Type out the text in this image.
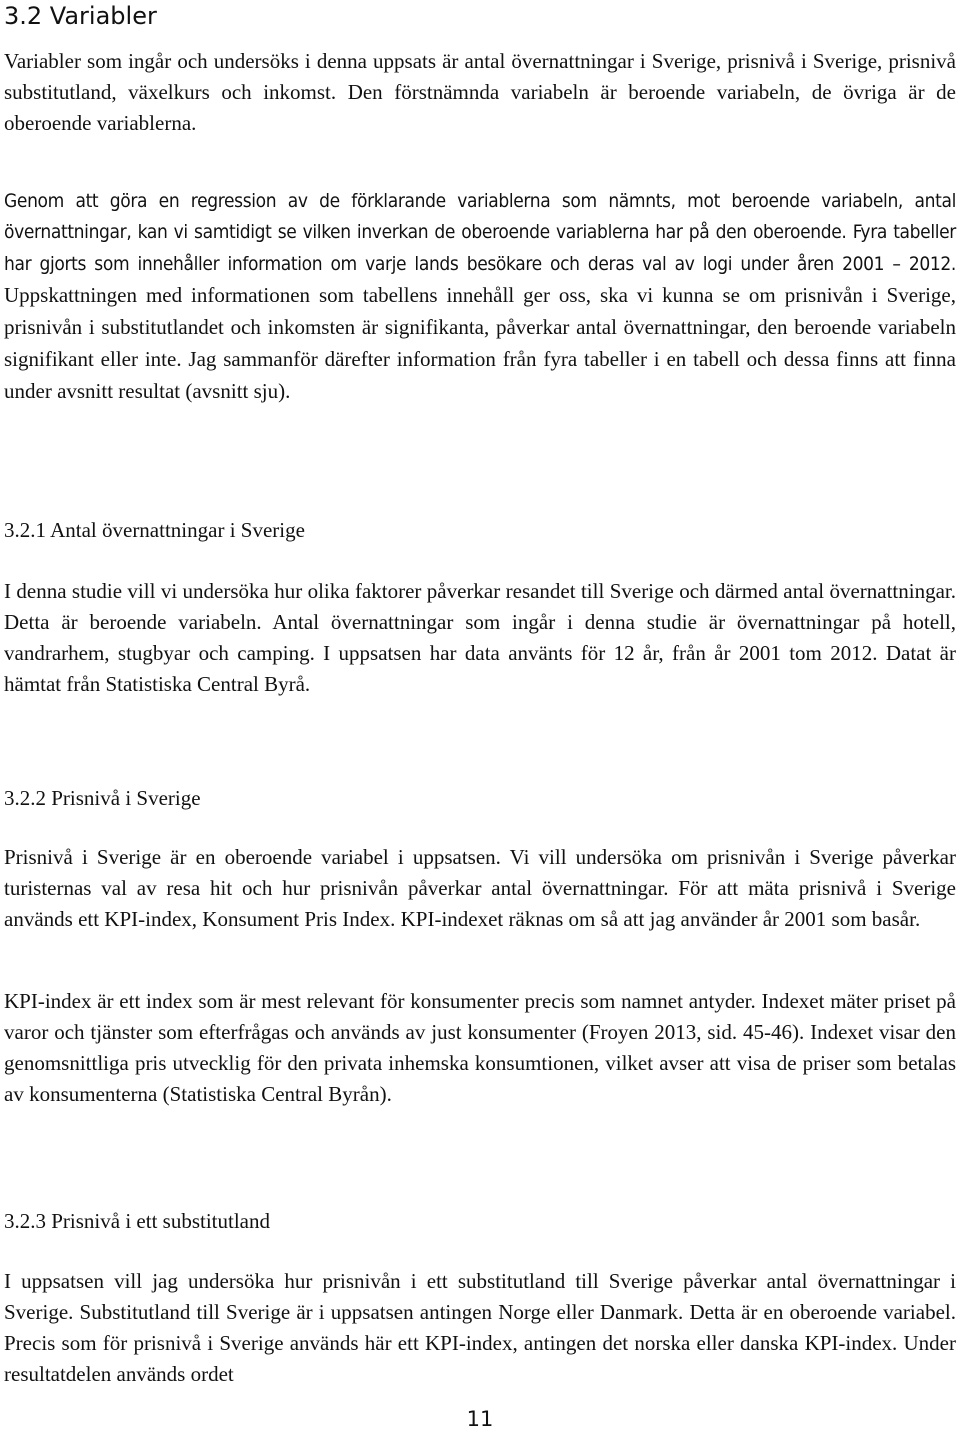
3.2 Variabler

Variabler som ingår och undersöks i denna uppsats är antal övernattningar i Sverige, prisnivå i Sverige, prisnivå substitutland, växelkurs och inkomst. Den förstnämnda variabeln är beroende variabeln, de övriga är de oberoende variablerna.

Genom att göra en regression av de förklarande variablerna som nämnts, mot beroende variabeln, antal övernattningar, kan vi samtidigt se vilken inverkan de oberoende variablerna har på den oberoende. Fyra tabeller har gjorts som innehåller information om varje lands besökare och deras val av logi under åren 2001 – 2012. Uppskattningen med informationen som tabellens innehåll ger oss, ska vi kunna se om prisnivån i Sverige, prisnivån i substitutlandet och inkomsten är signifikanta, påverkar antal övernattningar, den beroende variabeln signifikant eller inte. Jag sammanför därefter information från fyra tabeller i en tabell och dessa finns att finna under avsnitt resultat (avsnitt sju).

3.2.1 Antal övernattningar i Sverige

I denna studie vill vi undersöka hur olika faktorer påverkar resandet till Sverige och därmed antal övernattningar. Detta är beroende variabeln. Antal övernattningar som ingår i denna studie är övernattningar på hotell, vandrarhem, stugbyar och camping. I uppsatsen har data använts för 12 år, från år 2001 tom 2012. Datat är hämtat från Statistiska Central Byrå.

3.2.2 Prisnivå i Sverige

Prisnivå i Sverige är en oberoende variabel i uppsatsen. Vi vill undersöka om prisnivån i Sverige påverkar turisternas val av resa hit och hur prisnivån påverkar antal övernattningar. För att mäta prisnivå i Sverige används ett KPI-index, Konsument Pris Index. KPI-indexet räknas om så att jag använder år 2001 som basår.

KPI-index är ett index som är mest relevant för konsumenter precis som namnet antyder. Indexet mäter priset på varor och tjänster som efterfrågas och används av just konsumenter (Froyen 2013, sid. 45-46). Indexet visar den genomsnittliga pris utvecklig för den privata inhemska konsumtionen, vilket avser att visa de priser som betalas av konsumenterna (Statistiska Central Byrån).

3.2.3 Prisnivå i ett substitutland

I uppsatsen vill jag undersöka hur prisnivån i ett substitutland till Sverige påverkar antal övernattningar i Sverige. Substitutland till Sverige är i uppsatsen antingen Norge eller Danmark. Detta är en oberoende variabel. Precis som för prisnivå i Sverige används här ett KPI-index, antingen det norska eller danska KPI-index. Under resultatdelen används ordet

11
